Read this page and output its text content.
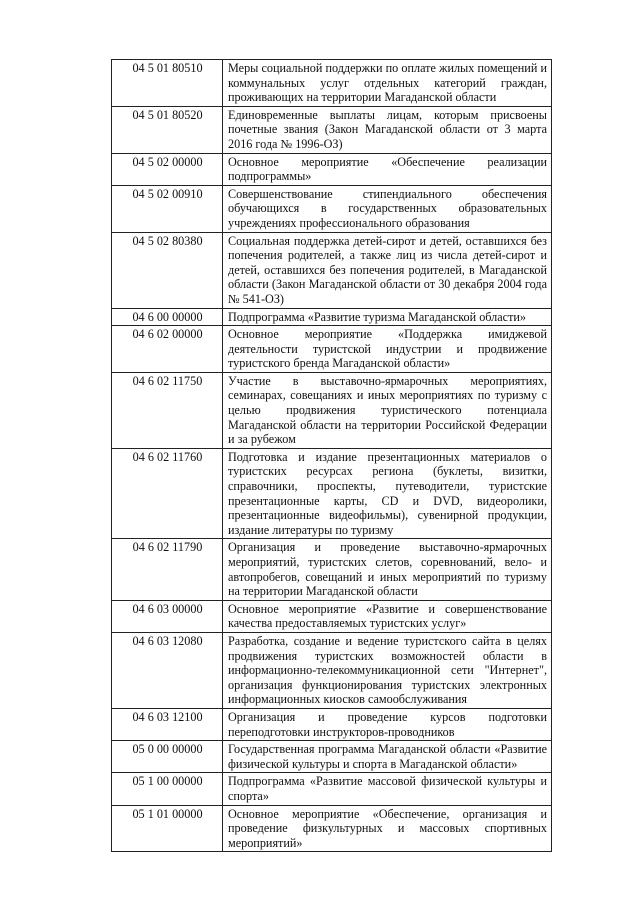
04 5 01 80510	Меры социальной поддержки по оплате жилых помещений и коммунальных услуг отдельных категорий граждан, проживающих на территории Магаданской области
04 5 01 80520	Единовременные выплаты лицам, которым присвоены почетные звания (Закон Магаданской области от 3 марта 2016 года № 1996-ОЗ)
04 5 02 00000	Основное мероприятие «Обеспечение реализации подпрограммы»
04 5 02 00910	Совершенствование стипендиального обеспечения обучающихся в государственных образовательных учреждениях профессионального образования
04 5 02 80380	Социальная поддержка детей-сирот и детей, оставшихся без попечения родителей, а также лиц из числа детей-сирот и детей, оставшихся без попечения родителей, в Магаданской области (Закон Магаданской области от 30 декабря 2004 года № 541-ОЗ)
04 6 00 00000	Подпрограмма «Развитие туризма Магаданской области»
04 6 02 00000	Основное мероприятие «Поддержка имиджевой деятельности туристской индустрии и продвижение туристского бренда Магаданской области»
04 6 02 11750	Участие в выставочно-ярмарочных мероприятиях, семинарах, совещаниях и иных мероприятиях по туризму с целью продвижения туристического потенциала Магаданской области на территории Российской Федерации и за рубежом
04 6 02 11760	Подготовка и издание презентационных материалов о туристских ресурсах региона (буклеты, визитки, справочники, проспекты, путеводители, туристские презентационные карты, CD и DVD, видеоролики, презентационные видеофильмы), сувенирной продукции, издание литературы по туризму
04 6 02 11790	Организация и проведение выставочно-ярмарочных мероприятий, туристских слетов, соревнований, вело- и автопробегов, совещаний и иных мероприятий по туризму на территории Магаданской области
04 6 03 00000	Основное мероприятие «Развитие и совершенствование качества предоставляемых туристских услуг»
04 6 03 12080	Разработка, создание и ведение туристского сайта в целях продвижения туристских возможностей области в информационно-телекоммуникационной сети "Интернет", организация функционирования туристских электронных информационных киосков самообслуживания
04 6 03 12100	Организация и проведение курсов подготовки переподготовки инструкторов-проводников
05 0 00 00000	Государственная программа Магаданской области «Развитие физической культуры и спорта в Магаданской области»
05 1 00 00000	Подпрограмма «Развитие массовой физической культуры и спорта»
05 1 01 00000	Основное мероприятие «Обеспечение, организация и проведение физкультурных и массовых спортивных мероприятий»
